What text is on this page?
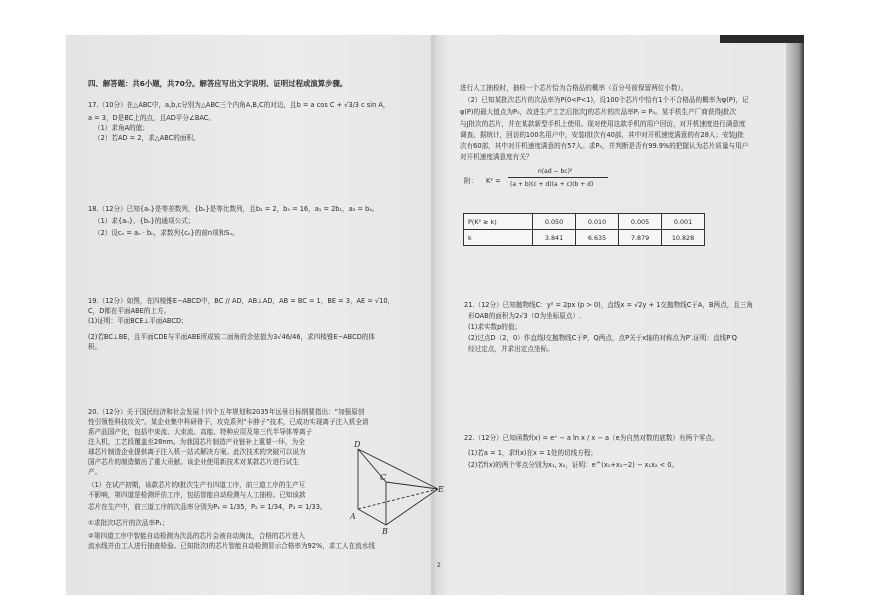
四、解答题：共6小题，共70分。解答应写出文字说明、证明过程或演算步骤。
17.（10分）在△ABC中，a,b,c分别为△ABC三个内角A,B,C的对边，且b = a cos C + √3/3 c sin A，
a = 3，D是BC上的点，且AD平分∠BAC。
（1）求角A的值；
（2）若AD = 2，求△ABC的面积。
18.（12分）已知{aₙ}是等差数列，{bₙ}是等比数列，且b₂ = 2，b₅ = 16，a₁ = 2b₁，a₃ = b₄。
（1）求{aₙ}、{bₙ}的通项公式；
（2）设cₙ = aₙ · bₙ，求数列{cₙ}的前n项和Sₙ。
19.（12分）如图，在四棱锥E−ABCD中，BC // AD，AB⊥AD，AB = BC = 1，BE = 3，AE = √10，
C，D都在平面ABE的上方。
(1)证明：平面BCE⊥平面ABCD；
(2)若BC⊥BE，且平面CDE与平面ABE所成锐二面角的余弦值为3√46/46，求四棱锥E−ABCD的体
积。
20.（12分）关于国民经济和社会发展十四个五年规划和2035年远景目标纲要指出：“加强原创
性引领性科技攻关”。某企业集中科研骨干，攻克系列“卡脖子”技术，已成功实现离子注入机全谱
系产品国产化，包括中束流、大束流、高能、特种应用及第三代半导体等离子
注入机，工艺段覆盖至28nm。为我国芯片制造产业链补上重要一环，为全
球芯片制造企业提供离子注入机一站式解决方案。此次技术的突破可以说为
国产芯片的制造做出了重大贡献。该企业使用新技术对某款芯片进行试生
产。
（1）在试产初期，该款芯片的I批次生产有四道工序，前三道工序的生产互
不影响，第四道是检测评估工序，包括智能自动检测与人工抽检。已知该款
芯片在生产中，前三道工序的次品率分别为P₁ = 1/35，P₂ = 1/34，P₃ = 1/33。
①求批次I芯片的次品率P₁；
②第四道工序中智能自动检测为次品的芯片会被自动淘汰，合格的芯片进入
流水线并由工人进行抽查检验。已知批次I的芯片智能自动检测显示合格率为92%，求工人在流水线
D
C
E
A
B
进行人工抽检时，抽检一个芯片恰为合格品的概率（百分号前保留两位小数）。
（2）已知某批次芯片的次品率为P(0<P<1)，设100个芯片中恰有1个不合格品的概率为φ(P)，记
φ(P)的最大值点为P₀，改进生产工艺后批次J的芯片的次品率Pⱼ = P₀。某手机生产厂商获得J批次
与J批次的芯片，并在某款新型手机上使用。现对使用这款手机的用户回访，对开机速度进行满意度
调查。据统计，回访的100名用户中，安装I批次有40部，其中对开机速度满意的有28人；安装J批
次有60部，其中对开机速度满意的有57人。求P₀，并判断是否有99.9%的把握认为芯片质量与用户
对开机速度满意度有关？
附： K² =
n(ad − bc)²
(a + b)(c + d)(a + c)(b + d)
P(K² ≥ k)	0.050	0.010	0.005	0.001
k	3.841	6.635	7.879	10.828
21.（12分）已知抛物线C：y² = 2px (p > 0)，直线x = √2y + 1交抛物线C于A，B两点，且三角
形OAB的面积为2√3（O为坐标原点）.
(1)求实数p的值；
(2)过点D（2，0）作直线l交抛物线C于P，Q两点，点P关于x轴的对称点为P′.证明：直线P′Q
经过定点，并求出定点坐标。
22.（12分）已知函数f(x) = eˣ − a ln x / x − a（e为自然对数的底数）有两个零点。
(1)若a = 1，求f(x)在x = 1处的切线方程；
(2)若f(x)的两个零点分别为x₁, x₂，证明：e^(x₁+x₂−2) − x₁x₂ < 0。
2
